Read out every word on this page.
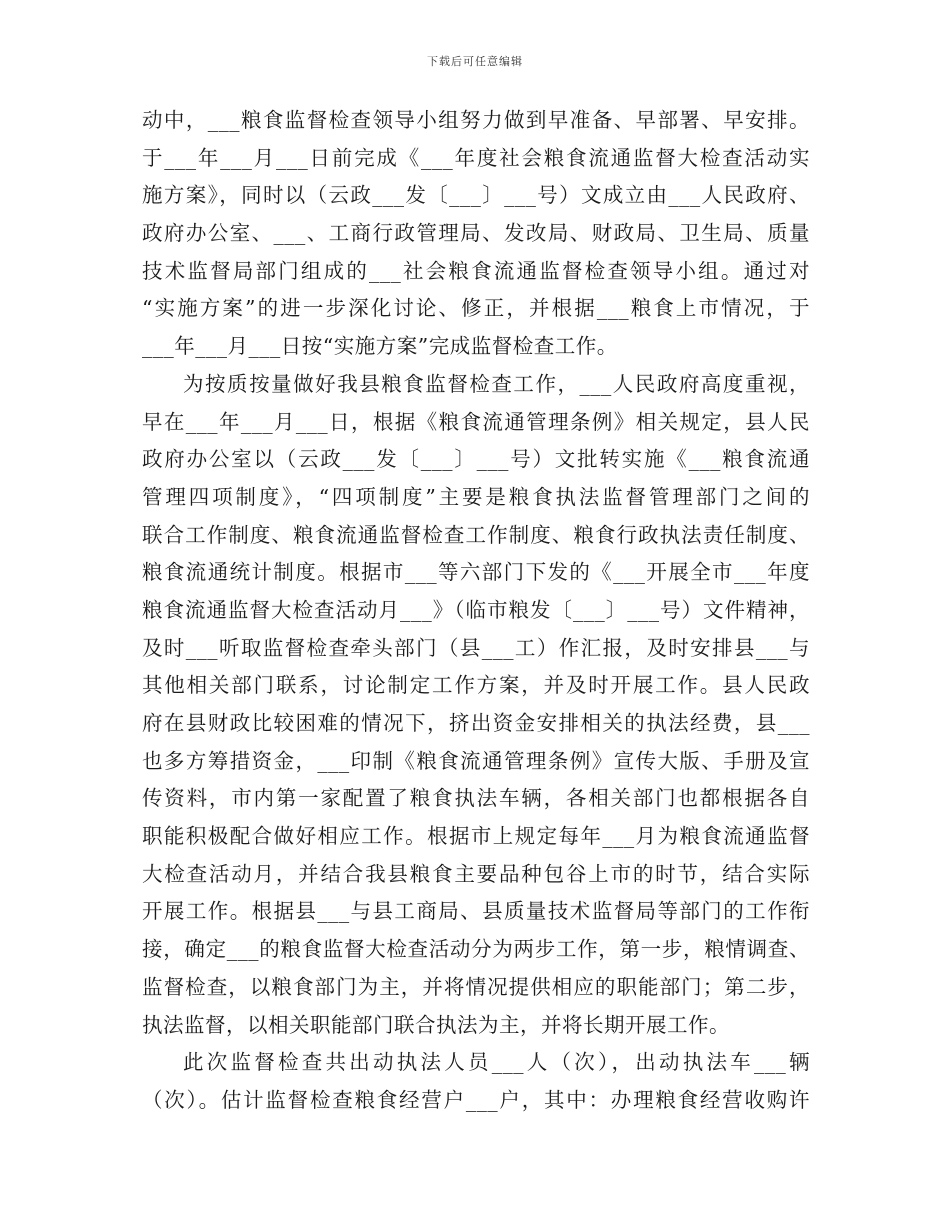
下载后可任意编辑
动中，___粮食监督检查领导小组努力做到早准备、早部署、早安排。
于___年___月___日前完成《___年度社会粮食流通监督大检查活动实
施方案》，同时以（云政___发〔___〕___号）文成立由___人民政府、
政府办公室、___、工商行政管理局、发改局、财政局、卫生局、质量
技术监督局部门组成的___社会粮食流通监督检查领导小组。通过对
“实施方案”的进一步深化讨论、修正，并根据___粮食上市情况，于
___年___月___日按“实施方案”完成监督检查工作。
为按质按量做好我县粮食监督检查工作，___人民政府高度重视，
早在___年___月___日，根据《粮食流通管理条例》相关规定，县人民
政府办公室以（云政___发〔___〕___号）文批转实施《___粮食流通
管理四项制度》，“四项制度”主要是粮食执法监督管理部门之间的
联合工作制度、粮食流通监督检查工作制度、粮食行政执法责任制度、
粮食流通统计制度。根据市___等六部门下发的《___开展全市___年度
粮食流通监督大检查活动月___》（临市粮发〔___〕___号）文件精神，
及时___听取监督检查牵头部门（县___工）作汇报，及时安排县___与
其他相关部门联系，讨论制定工作方案，并及时开展工作。县人民政
府在县财政比较困难的情况下，挤出资金安排相关的执法经费，县___
也多方筹措资金，___印制《粮食流通管理条例》宣传大版、手册及宣
传资料，市内第一家配置了粮食执法车辆，各相关部门也都根据各自
职能积极配合做好相应工作。根据市上规定每年___月为粮食流通监督
大检查活动月，并结合我县粮食主要品种包谷上市的时节，结合实际
开展工作。根据县___与县工商局、县质量技术监督局等部门的工作衔
接，确定___的粮食监督大检查活动分为两步工作，第一步，粮情调查、
监督检查，以粮食部门为主，并将情况提供相应的职能部门；第二步，
执法监督，以相关职能部门联合执法为主，并将长期开展工作。
此次监督检查共出动执法人员___人（次），出动执法车___辆
（次）。估计监督检查粮食经营户___户，其中：办理粮食经营收购许
